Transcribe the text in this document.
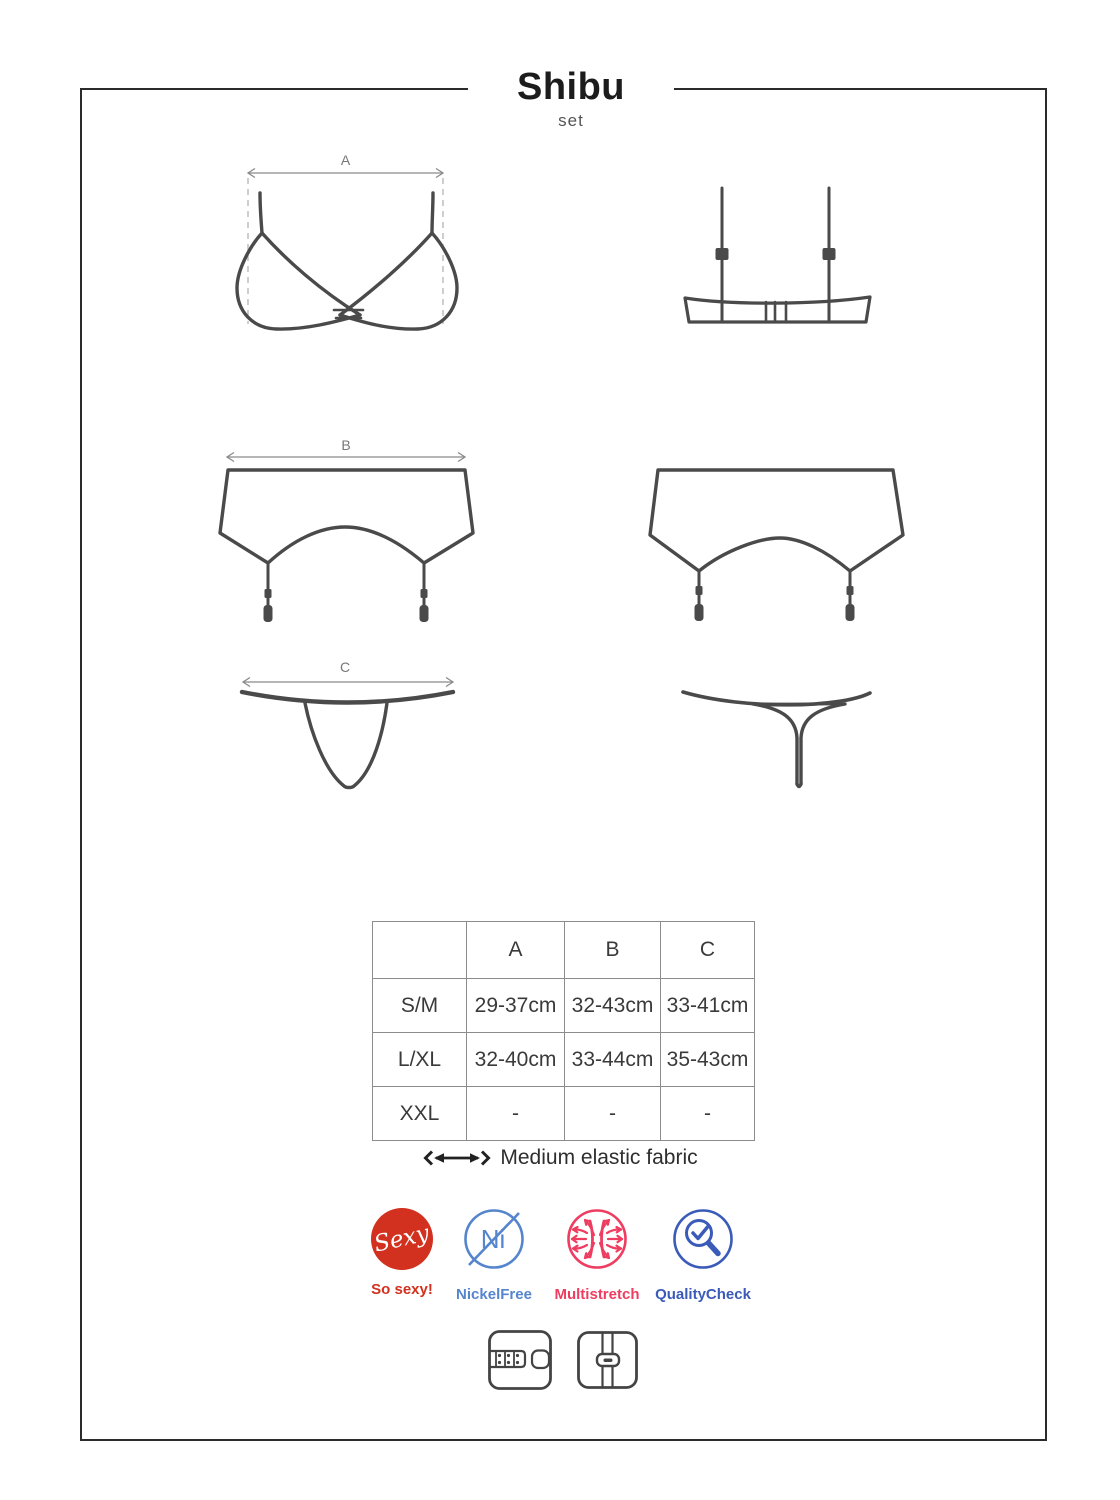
Shibu
set
A
B
C
	A	B	C
S/M	29-37cm	32-43cm	33-41cm
L/XL	32-40cm	33-44cm	35-43cm
XXL	-	-	-
Medium elastic fabric
Sexy
So sexy!
Ni
NickelFree	Multistretch	QualityCheck
